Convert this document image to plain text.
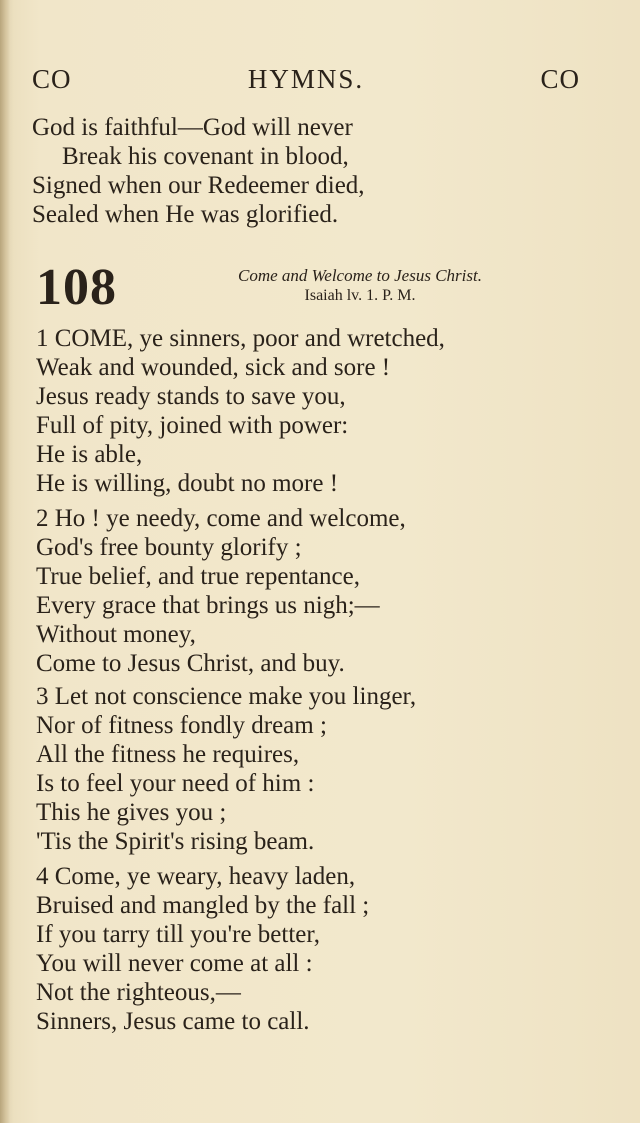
CO	HYMNS.	CO
God is faithful—God will never
Break his covenant in blood,
Signed when our Redeemer died,
Sealed when He was glorified.
108	Come and Welcome to Jesus Christ.
Isaiah lv. 1. P. M.
1 COME, ye sinners, poor and wretched,
Weak and wounded, sick and sore !
Jesus ready stands to save you,
Full of pity, joined with power:
He is able,
He is willing, doubt no more !
2 Ho ! ye needy, come and welcome,
God's free bounty glorify ;
True belief, and true repentance,
Every grace that brings us nigh;—
Without money,
Come to Jesus Christ, and buy.
3 Let not conscience make you linger,
Nor of fitness fondly dream ;
All the fitness he requires,
Is to feel your need of him :
This he gives you ;
'Tis the Spirit's rising beam.
4 Come, ye weary, heavy laden,
Bruised and mangled by the fall ;
If you tarry till you're better,
You will never come at all :
Not the righteous,—
Sinners, Jesus came to call.
